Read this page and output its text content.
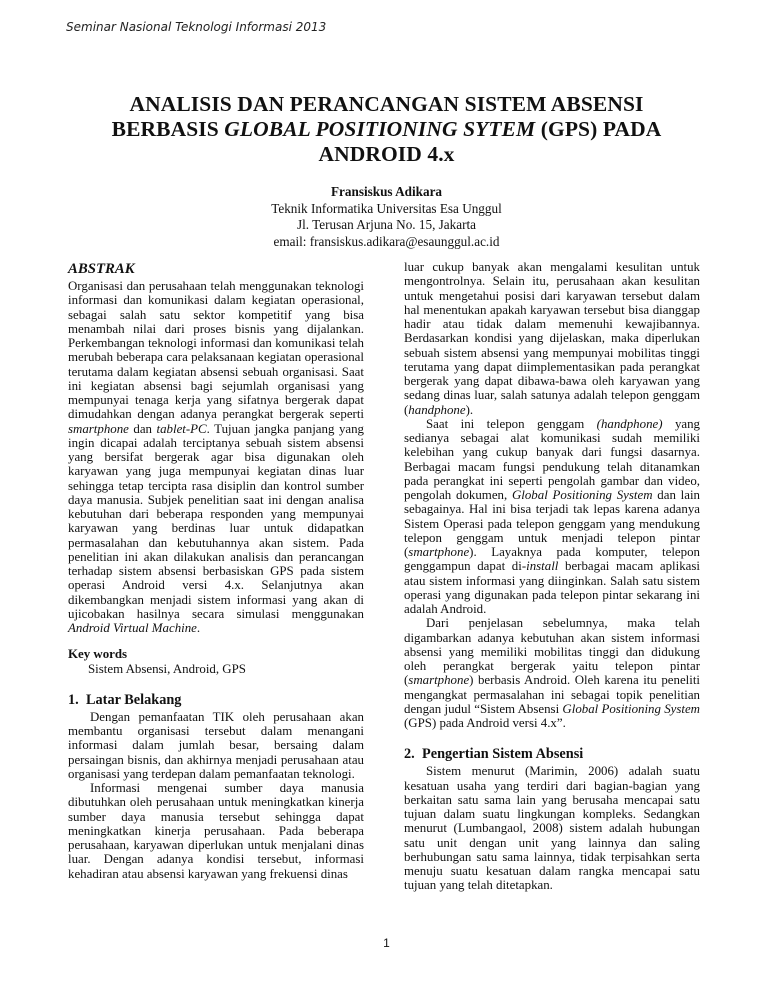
Seminar Nasional Teknologi Informasi 2013
ANALISIS DAN PERANCANGAN SISTEM ABSENSI
BERBASIS GLOBAL POSITIONING SYTEM (GPS) PADA
ANDROID 4.x
Fransiskus Adikara
Teknik Informatika Universitas Esa Unggul
Jl. Terusan Arjuna No. 15, Jakarta
email: fransiskus.adikara@esaunggul.ac.id
ABSTRAK

Organisasi dan perusahaan telah menggunakan teknologi informasi dan komunikasi dalam kegiatan operasional, sebagai salah satu sektor kompetitif yang bisa menambah nilai dari proses bisnis yang dijalankan. Perkembangan teknologi informasi dan komunikasi telah merubah beberapa cara pelaksanaan kegiatan operasional terutama dalam kegiatan absensi sebuah organisasi. Saat ini kegiatan absensi bagi sejumlah organisasi yang mempunyai tenaga kerja yang sifatnya bergerak dapat dimudahkan dengan adanya perangkat bergerak seperti smartphone dan tablet-PC. Tujuan jangka panjang yang ingin dicapai adalah terciptanya sebuah sistem absensi yang bersifat bergerak agar bisa digunakan oleh karyawan yang juga mempunyai kegiatan dinas luar sehingga tetap tercipta rasa disiplin dan kontrol sumber daya manusia. Subjek penelitian saat ini dengan analisa kebutuhan dari beberapa responden yang mempunyai karyawan yang berdinas luar untuk didapatkan permasalahan dan kebutuhannya akan sistem. Pada penelitian ini akan dilakukan analisis dan perancangan terhadap sistem absensi berbasiskan GPS pada sistem operasi Android versi 4.x. Selanjutnya akan dikembangkan menjadi sistem informasi yang akan di ujicobakan hasilnya secara simulasi menggunakan Android Virtual Machine.

Key words
Sistem Absensi, Android, GPS
1. Latar Belakang

Dengan pemanfaatan TIK oleh perusahaan akan membantu organisasi tersebut dalam menangani informasi dalam jumlah besar, bersaing dalam persaingan bisnis, dan akhirnya menjadi perusahaan atau organisasi yang terdepan dalam pemanfaatan teknologi.

Informasi mengenai sumber daya manusia dibutuhkan oleh perusahaan untuk meningkatkan kinerja sumber daya manusia tersebut sehingga dapat meningkatkan kinerja perusahaan. Pada beberapa perusahaan, karyawan diperlukan untuk menjalani dinas luar. Dengan adanya kondisi tersebut, informasi kehadiran atau absensi karyawan yang frekuensi dinas

luar cukup banyak akan mengalami kesulitan untuk mengontrolnya. Selain itu, perusahaan akan kesulitan untuk mengetahui posisi dari karyawan tersebut dalam hal menentukan apakah karyawan tersebut bisa dianggap hadir atau tidak dalam memenuhi kewajibannya. Berdasarkan kondisi yang dijelaskan, maka diperlukan sebuah sistem absensi yang mempunyai mobilitas tinggi terutama yang dapat diimplementasikan pada perangkat bergerak yang dapat dibawa-bawa oleh karyawan yang sedang dinas luar, salah satunya adalah telepon genggam (handphone).

Saat ini telepon genggam (handphone) yang sedianya sebagai alat komunikasi sudah memiliki kelebihan yang cukup banyak dari fungsi dasarnya. Berbagai macam fungsi pendukung telah ditanamkan pada perangkat ini seperti pengolah gambar dan video, pengolah dokumen, Global Positioning System dan lain sebagainya. Hal ini bisa terjadi tak lepas karena adanya Sistem Operasi pada telepon genggam yang mendukung telepon genggam untuk menjadi telepon pintar (smartphone). Layaknya pada komputer, telepon genggampun dapat di-install berbagai macam aplikasi atau sistem informasi yang diinginkan. Salah satu sistem operasi yang digunakan pada telepon pintar sekarang ini adalah Android.

Dari penjelasan sebelumnya, maka telah digambarkan adanya kebutuhan akan sistem informasi absensi yang memiliki mobilitas tinggi dan didukung oleh perangkat bergerak yaitu telepon pintar (smartphone) berbasis Android. Oleh karena itu peneliti mengangkat permasalahan ini sebagai topik penelitian dengan judul “Sistem Absensi Global Positioning System (GPS) pada Android versi 4.x”.

2. Pengertian Sistem Absensi

Sistem menurut (Marimin, 2006) adalah suatu kesatuan usaha yang terdiri dari bagian-bagian yang berkaitan satu sama lain yang berusaha mencapai satu tujuan dalam suatu lingkungan kompleks. Sedangkan menurut (Lumbangaol, 2008) sistem adalah hubungan satu unit dengan unit yang lainnya dan saling berhubungan satu sama lainnya, tidak terpisahkan serta menuju suatu kesatuan dalam rangka mencapai satu tujuan yang telah ditetapkan.

1
